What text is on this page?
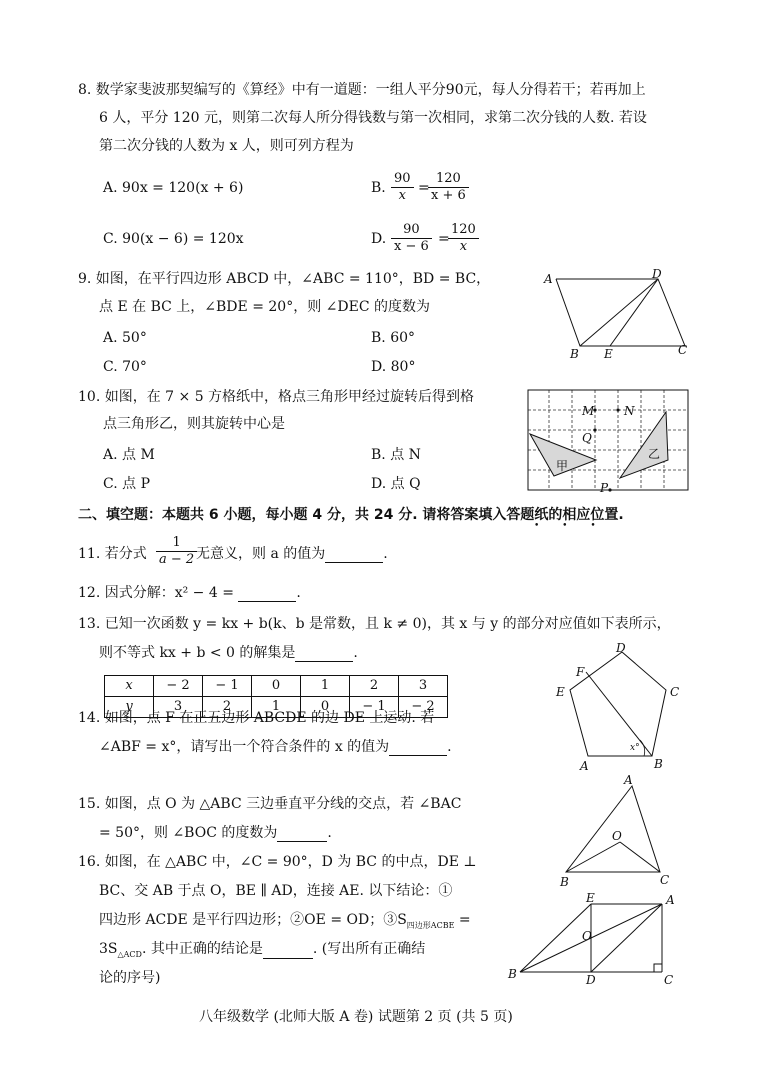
8. 数学家斐波那契编写的《算经》中有一道题：一组人平分90元，每人分得若干；若再加上
6 人，平分 120 元，则第二次每人所分得钱数与第一次相同，求第二次分钱的人数. 若设
第二次分钱的人数为 x 人，则可列方程为
A. 90x = 120(x + 6)	B. $\frac{90}{x}$ =
$\frac{120}{x + 6}$
C. 90(x − 6) = 120x	D. $\frac{90}{x - 6}$ =
$\frac{120}{x}$
9. 如图，在平行四边形 ABCD 中，∠ABC = 110°，BD = BC，
点 E 在 BC 上，∠BDE = 20°，则 ∠DEC 的度数为
A. 50°	B. 60°
C. 70°	D. 80°
A	D
B E	C
10. 如图，在 7 × 5 方格纸中，格点三角形甲经过旋转后得到格
点三角形乙，则其旋转中心是
A. 点 M	B. 点 N
C. 点 P	D. 点 Q
M N
Q
P
甲
乙
二、填空题：本题共 6 小题，每小题 4 分，共 24 分. 请将答案填入答题纸的相应位置.
• • •
11. 若分式 $\frac{1}{a - 2}$
无意义，则 a 的值为	.
12. 因式分解：x² − 4 =	.
13. 已知一次函数 y = kx + b(k、b 是常数，且 k ≠ 0)，其 x 与 y 的部分对应值如下表所示，
则不等式 kx + b < 0 的解集是	.
x	− 2	− 1	0	1	2	3
y	3	2	1	0	− 1	− 2
D
C
E
F
A	B
x°
14. 如图，点 F 在正五边形 ABCDE 的边 DE 上运动. 若
∠ABF = x°，请写出一个符合条件的 x 的值为	.
15. 如图，点 O 为 △ABC 三边垂直平分线的交点，若 ∠BAC
= 50°，则 ∠BOC 的度数为	.
A
O
B	C
16. 如图，在 △ABC 中，∠C = 90°，D 为 BC 的中点，DE ⊥
BC、交 AB 于点 O，BE ∥ AD，连接 AE. 以下结论：①
四边形 ACDE 是平行四边形；②OE = OD；$③S_{四边形ACBE}$ =
$3S_{\triangle ACD}$. 其中正确的结论是	. (写出所有正确结
论的序号)
E	A
O
B	D	C
八年级数学 (北师大版 A 卷) 试题第 2 页 (共 5 页)
